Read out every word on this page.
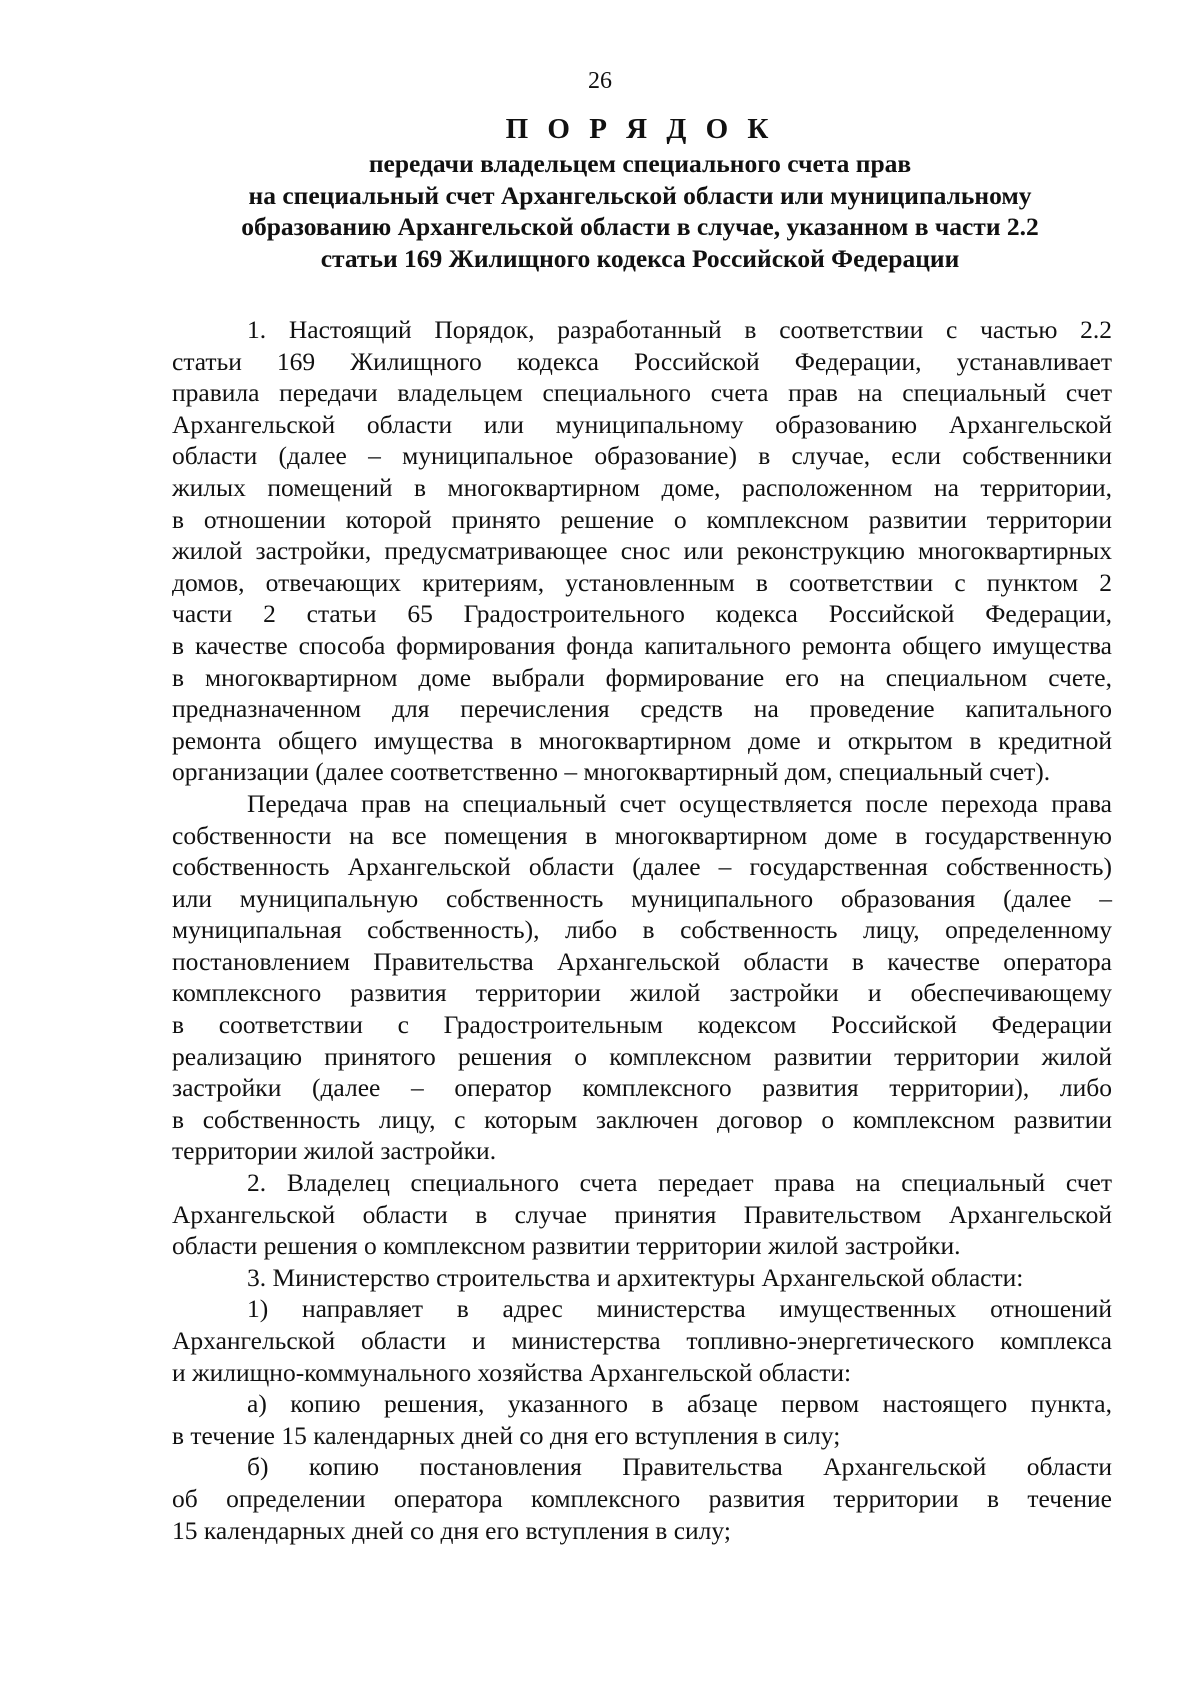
26
П О Р Я Д О К
передачи владельцем специального счета прав
на специальный счет Архангельской области или муниципальному
образованию Архангельской области в случае, указанном в части 2.2
статьи 169 Жилищного кодекса Российской Федерации
1. Настоящий Порядок, разработанный в соответствии с частью 2.2
статьи 169 Жилищного кодекса Российской Федерации, устанавливает
правила передачи владельцем специального счета прав на специальный счет
Архангельской области или муниципальному образованию Архангельской
области (далее – муниципальное образование) в случае, если собственники
жилых помещений в многоквартирном доме, расположенном на территории,
в отношении которой принято решение о комплексном развитии территории
жилой застройки, предусматривающее снос или реконструкцию многоквартирных
домов, отвечающих критериям, установленным в соответствии с пунктом 2
части 2 статьи 65 Градостроительного кодекса Российской Федерации,
в качестве способа формирования фонда капитального ремонта общего имущества
в многоквартирном доме выбрали формирование его на специальном счете,
предназначенном для перечисления средств на проведение капитального
ремонта общего имущества в многоквартирном доме и открытом в кредитной
организации (далее соответственно – многоквартирный дом, специальный счет).
Передача прав на специальный счет осуществляется после перехода права
собственности на все помещения в многоквартирном доме в государственную
собственность Архангельской области (далее – государственная собственность)
или муниципальную собственность муниципального образования (далее –
муниципальная собственность), либо в собственность лицу, определенному
постановлением Правительства Архангельской области в качестве оператора
комплексного развития территории жилой застройки и обеспечивающему
в соответствии с Градостроительным кодексом Российской Федерации
реализацию принятого решения о комплексном развитии территории жилой
застройки (далее – оператор комплексного развития территории), либо
в собственность лицу, с которым заключен договор о комплексном развитии
территории жилой застройки.
2. Владелец специального счета передает права на специальный счет
Архангельской области в случае принятия Правительством Архангельской
области решения о комплексном развитии территории жилой застройки.
3. Министерство строительства и архитектуры Архангельской области:
1) направляет в адрес министерства имущественных отношений
Архангельской области и министерства топливно-энергетического комплекса
и жилищно-коммунального хозяйства Архангельской области:
а) копию решения, указанного в абзаце первом настоящего пункта,
в течение 15 календарных дней со дня его вступления в силу;
б) копию постановления Правительства Архангельской области
об определении оператора комплексного развития территории в течение
15 календарных дней со дня его вступления в силу;
